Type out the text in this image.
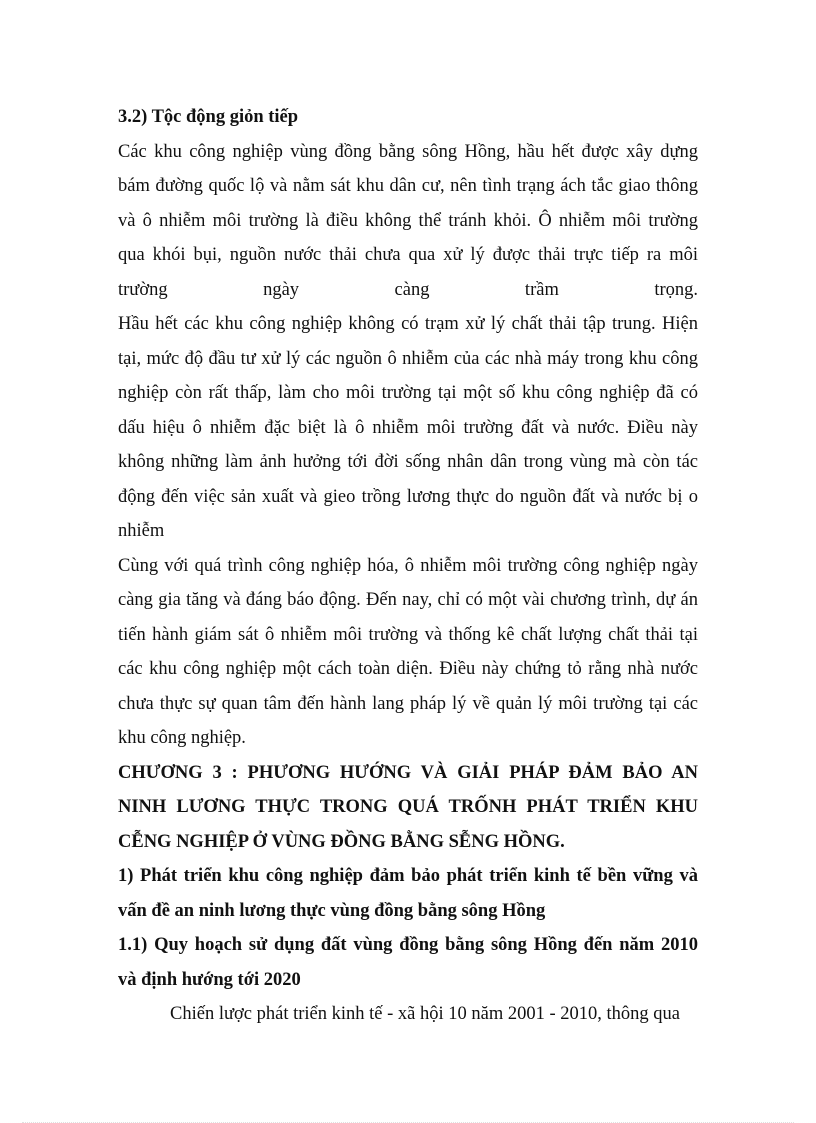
3.2) Tộc động giỏn tiếp
Các khu công nghiệp vùng đồng bằng sông Hồng, hầu hết được xây dựng
bám đường quốc lộ và nằm sát khu dân cư, nên tình trạng ách tắc giao thông
và ô nhiễm môi trường là điều không thể tránh khỏi. Ô nhiễm môi trường
qua khói bụi, nguồn nước thải chưa qua xử lý được thải trực tiếp ra môi
trường ngày càng trầm trọng.
Hầu hết các khu công nghiệp không có trạm xử lý chất thải tập trung. Hiện
tại, mức độ đầu tư xử lý các nguồn ô nhiễm của các nhà máy trong khu công
nghiệp còn rất thấp, làm cho môi trường tại một số khu công nghiệp đã có
dấu hiệu ô nhiễm đặc biệt là ô nhiễm môi trường đất và nước. Điều này
không những làm ảnh hưởng tới đời sống nhân dân trong vùng mà còn tác
động đến việc sản xuất và gieo trồng lương thực do nguồn đất và nước bị o
nhiễm
Cùng với quá trình công nghiệp hóa, ô nhiễm môi trường công nghiệp ngày
càng gia tăng và đáng báo động. Đến nay, chỉ có một vài chương trình, dự án
tiến hành giám sát ô nhiễm môi trường và thống kê chất lượng chất thải tại
các khu công nghiệp một cách toàn diện. Điều này chứng tỏ rằng nhà nước
chưa thực sự quan tâm đến hành lang pháp lý về quản lý môi trường tại các
khu công nghiệp.
CHƯƠNG 3 : PHƯƠNG HƯỚNG VÀ GIẢI PHÁP ĐẢM BẢO AN
NINH LƯƠNG THỰC TRONG QUÁ TRỐNH PHÁT TRIỂN KHU
CỄNG NGHIỆP Ở VÙNG ĐỒNG BẰNG SỄNG HỒNG.
1) Phát triển khu công nghiệp đảm bảo phát triển kinh tế bền vững và
vấn đề an ninh lương thực vùng đồng bằng sông Hồng
1.1) Quy hoạch sử dụng đất vùng đồng bằng sông Hồng đến năm 2010
và định hướng tới 2020
Chiến lược phát triển kinh tế - xã hội 10 năm 2001 - 2010, thông qua
